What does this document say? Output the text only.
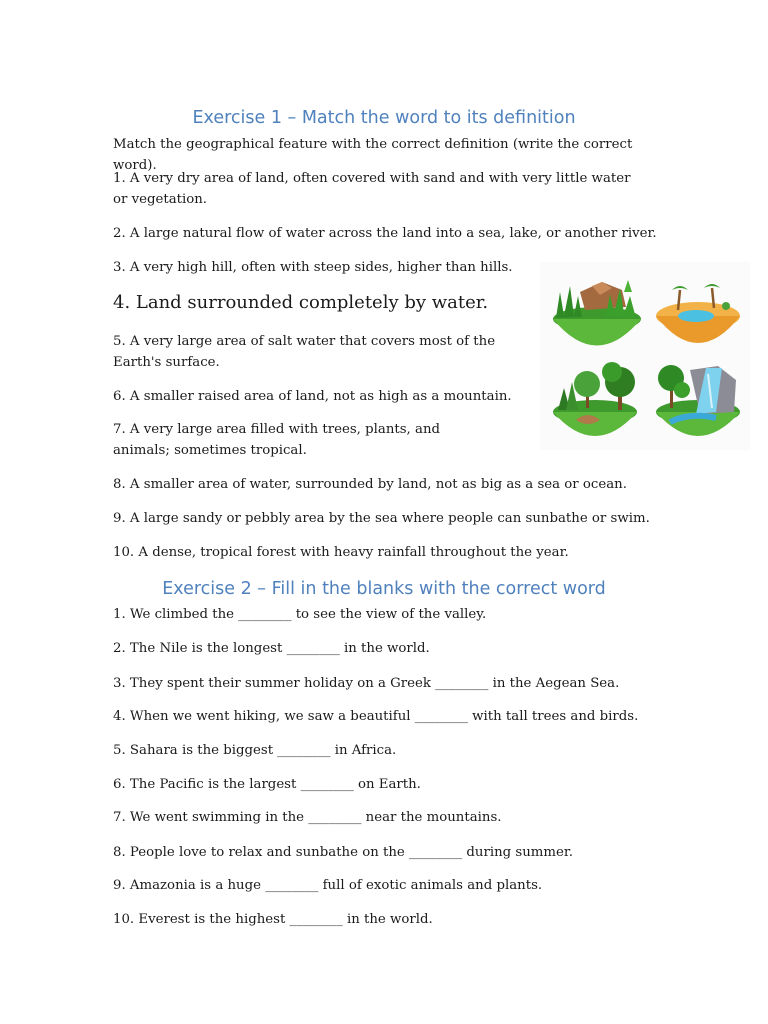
Exercise 1 – Match the word to its definition

Match the geographical feature with the correct definition (write the correct word).

1. A very dry area of land, often covered with sand and with very little water or vegetation.

2. A large natural flow of water across the land into a sea, lake, or another river.

3. A very high hill, often with steep sides, higher than hills.

4. Land surrounded completely by water.

5. A very large area of salt water that covers most of the Earth's surface.

6. A smaller raised area of land, not as high as a mountain.

7. A very large area filled with trees, plants, and animals; sometimes tropical.

8. A smaller area of water, surrounded by land, not as big as a sea or ocean.

9. A large sandy or pebbly area by the sea where people can sunbathe or swim.

10. A dense, tropical forest with heavy rainfall throughout the year.

Exercise 2 – Fill in the blanks with the correct word

1. We climbed the ________ to see the view of the valley.

2. The Nile is the longest ________ in the world.

3. They spent their summer holiday on a Greek ________ in the Aegean Sea.

4. When we went hiking, we saw a beautiful ________ with tall trees and birds.

5. Sahara is the biggest ________ in Africa.

6. The Pacific is the largest ________ on Earth.

7. We went swimming in the ________ near the mountains.

8. People love to relax and sunbathe on the ________ during summer.

9. Amazonia is a huge ________ full of exotic animals and plants.

10. Everest is the highest ________ in the world.
